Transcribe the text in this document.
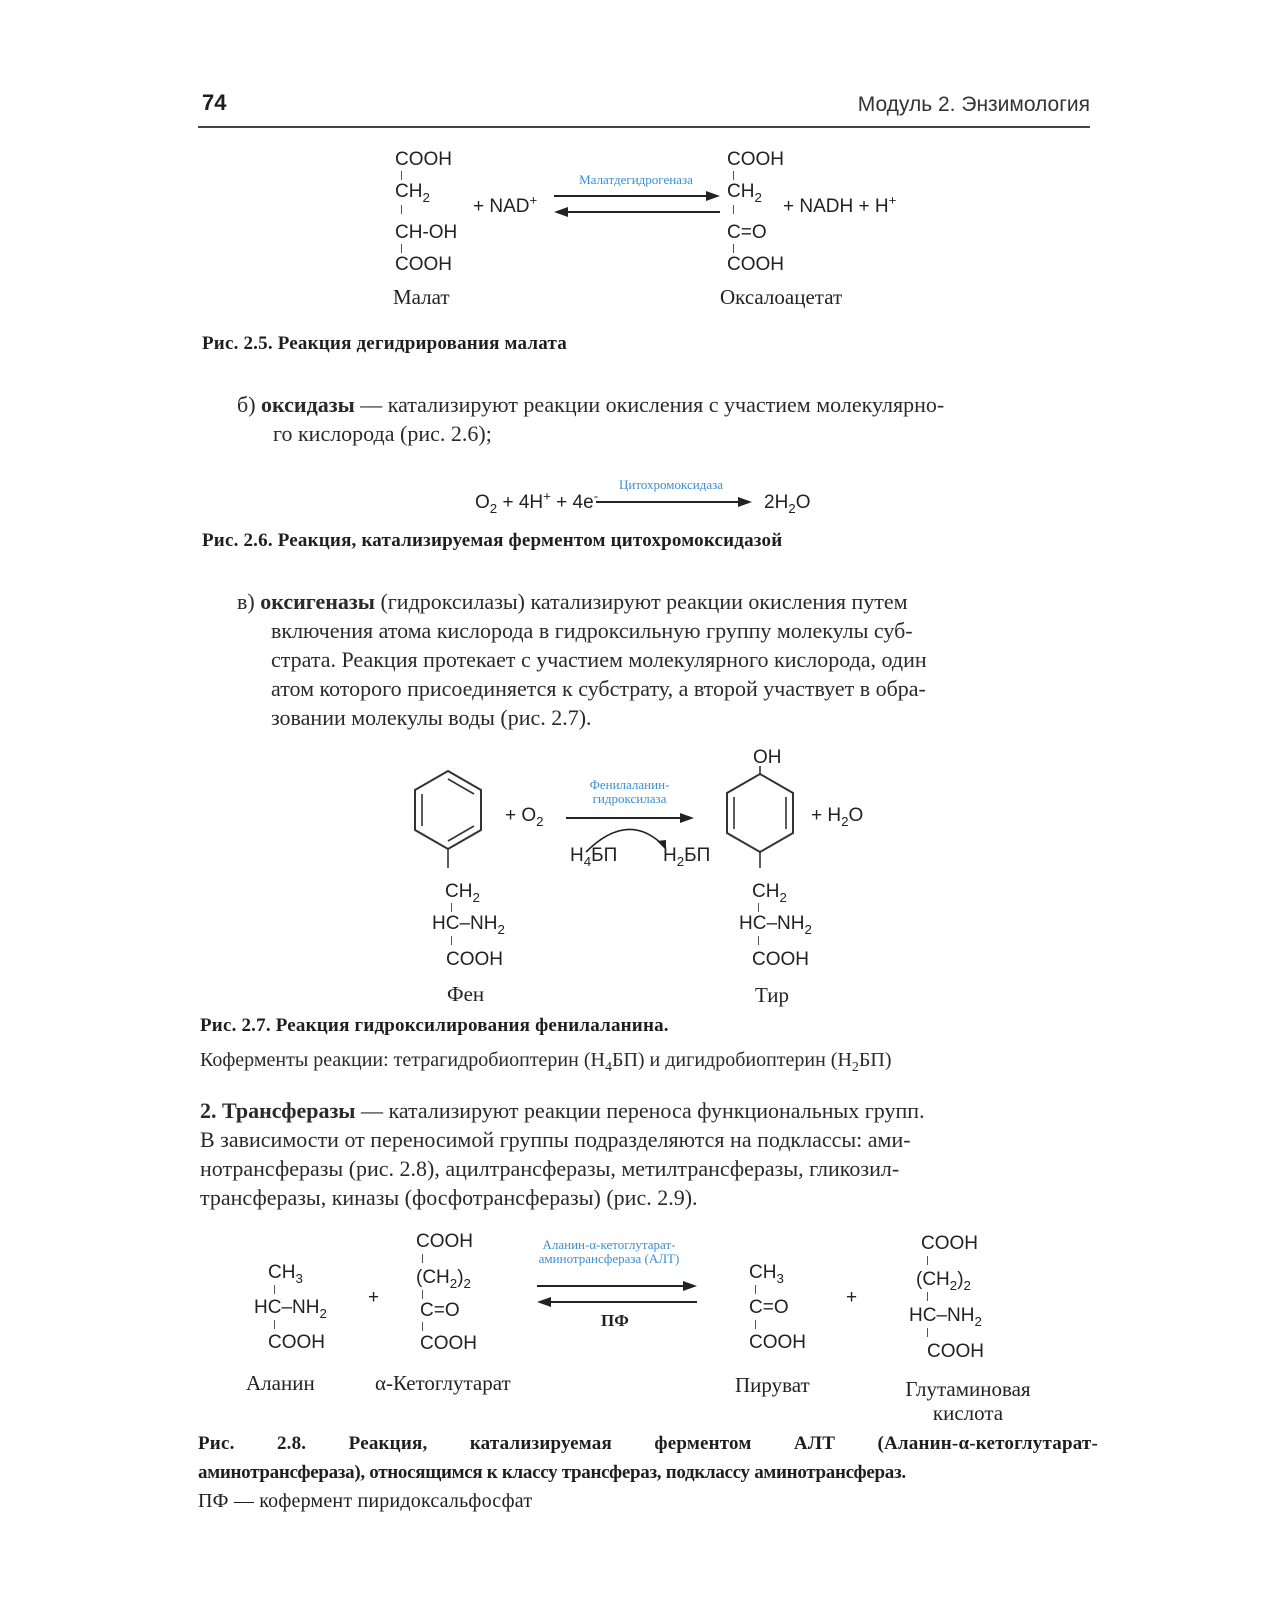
74	Модуль 2. Энзимология
COOH
$CH_2$
CH-OH
COOH
Малат
+ NAD+
Малатдегидрогеназа
COOH
$CH_2$
C=O
COOH
Оксалоацетат
+ NADH + H+
Рис. 2.5. Реакция дегидрирования малата
б) оксидазы — катализируют реакции окисления с участием молекулярно-
го кислорода (рис. 2.6);
$O_2 + 4H^+ + 4e^-$
Цитохромоксидаза
$2H_2O$
Рис. 2.6. Реакция, катализируемая ферментом цитохромоксидазой
в) оксигеназы (гидроксилазы) катализируют реакции окисления путем
включения атома кислорода в гидроксильную группу молекулы суб-
страта. Реакция протекает с участием молекулярного кислорода, один
атом которого присоединяется к субстрату, а второй участвует в обра-
зовании молекулы воды (рис. 2.7).
+ $O_2$
$CH_2$
$HC-NH_2$
COOH
Фен
Фенилаланин-
гидроксилаза
$H_4БП$ $H_2БП$
OH
+ $H_2O$
$CH_2$
$HC-NH_2$
COOH
Тир
Рис. 2.7. Реакция гидроксилирования фенилаланина.
Коферменты реакции: тетрагидробиоптерин $(H_4БП)$ и дигидробиоптерин $(H_2БП)$
2. Трансферазы — катализируют реакции переноса функциональных групп.
В зависимости от переносимой группы подразделяются на подклассы: ами-
нотрансферазы (рис. 2.8), ацилтрансферазы, метилтрансферазы, гликозил-
трансферазы, киназы (фосфотрансферазы) (рис. 2.9).
$CH_3$
$HC-NH_2$
COOH
Аланин
+
COOH
$(CH_2)_2$
C=O
COOH
α-Кетоглутарат
Аланин-α-кетоглутарат-
аминотрансфераза (АЛТ)
ПФ
$CH_3$
C=O
COOH
Пируват
+
COOH
$(CH_2)_2$
$HC-NH_2$
COOH
Глутаминовая
кислота
Рис. 2.8. Реакция, катализируемая ферментом АЛТ (Аланин-α-кетоглутарат-
аминотрансфераза), относящимся к классу трансфераз, подклассу аминотрансфераз.
ПФ — кофермент пиридоксальфосфат
